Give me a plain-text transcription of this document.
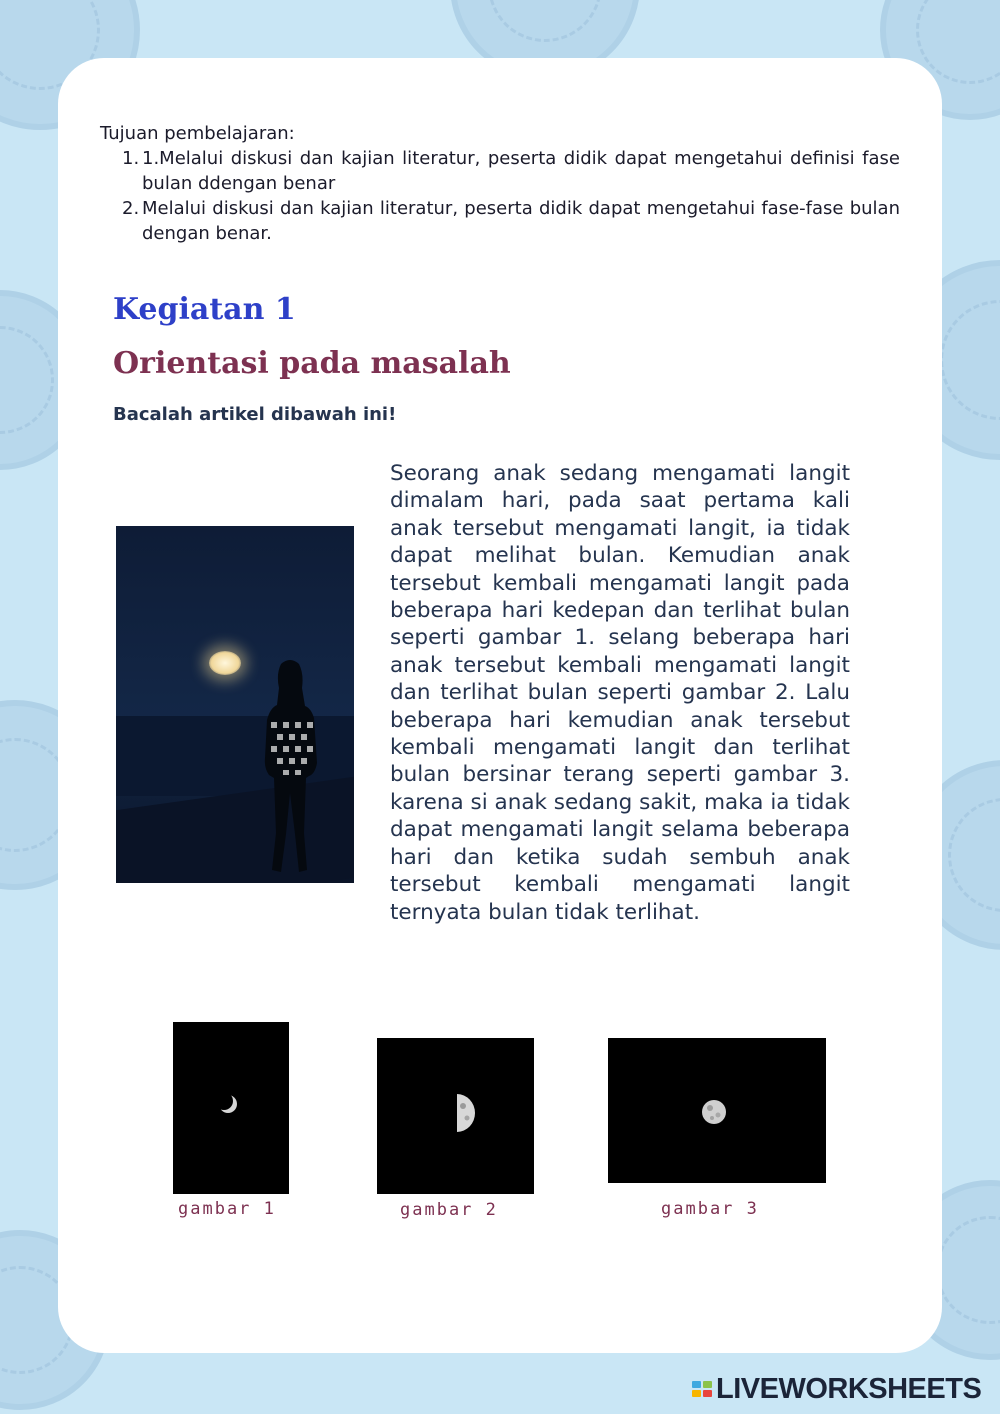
Tujuan pembelajaran:

1. 1.Melalui diskusi dan kajian literatur, peserta didik dapat mengetahui definisi fase bulan ddengan benar
2. Melalui diskusi dan kajian literatur, peserta didik dapat mengetahui fase-fase bulan dengan benar.
Kegiatan 1
Orientasi pada masalah

Bacalah artikel dibawah ini!

Seorang anak sedang mengamati langit dimalam hari, pada saat pertama kali anak tersebut mengamati langit, ia tidak dapat melihat bulan. Kemudian anak tersebut kembali mengamati langit pada beberapa hari kedepan dan terlihat bulan seperti gambar 1. selang beberapa hari anak tersebut kembali mengamati langit dan terlihat bulan seperti gambar 2. Lalu beberapa hari kemudian anak tersebut kembali mengamati langit dan terlihat bulan bersinar terang seperti gambar 3. karena si anak sedang sakit, maka ia tidak dapat mengamati langit selama beberapa hari dan ketika sudah sembuh anak tersebut kembali mengamati langit ternyata bulan tidak terlihat.

gambar 1	gambar 2	gambar 3

LIVEWORKSHEETS
